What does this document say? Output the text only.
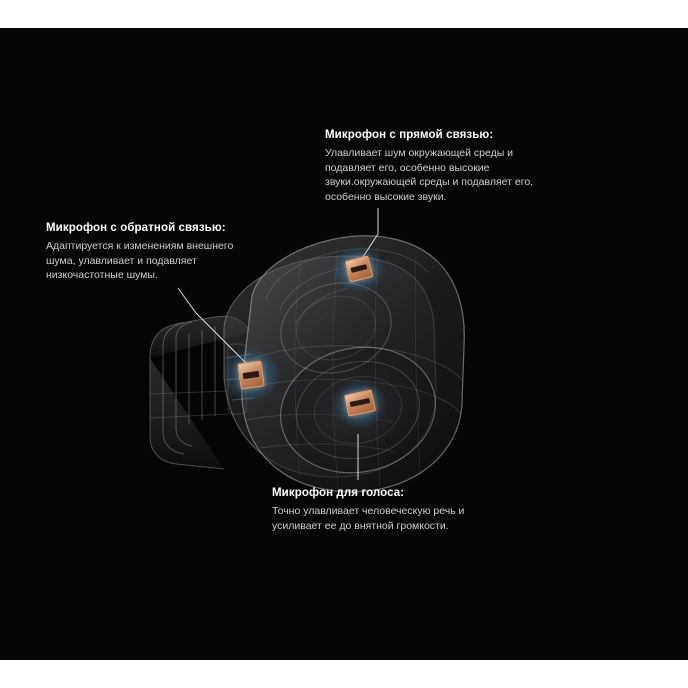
Микрофон с прямой связью:

Улавливает шум окружающей среды и подавляет его, особенно высокие звуки.окружающей среды и подавляет его, особенно высокие звуки.

Микрофон с обратной связью:

Адаптируется к изменениям внешнего шума, улавливает и подавляет низкочастотные шумы.

Микрофон для голоса:

Точно улавливает человеческую речь и усиливает ее до внятной громкости.
